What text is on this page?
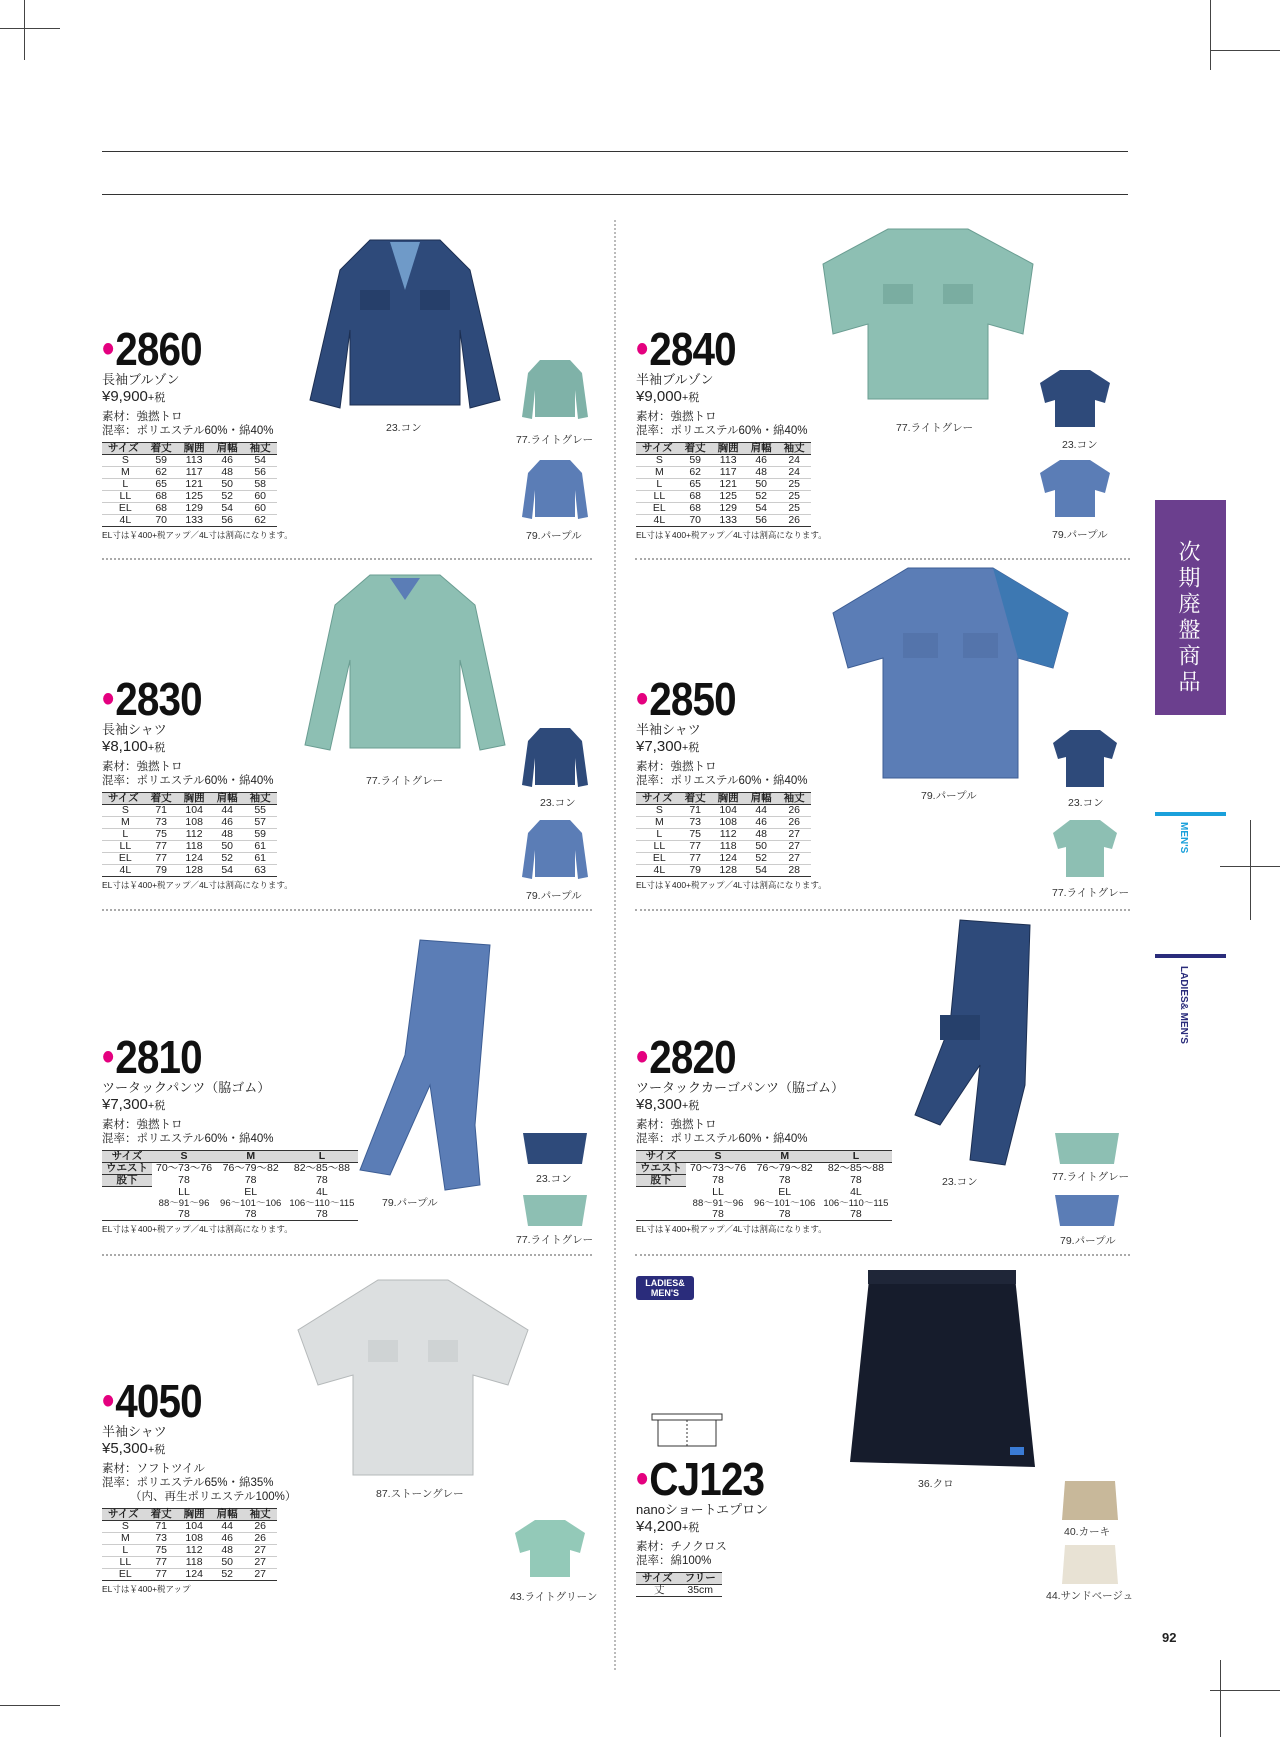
次期廃盤商品
MEN'S
LADIES& MEN'S
92
23.コン
77.ライトグレー
79.パープル
•2860
長袖ブルゾン
¥9,900+税
素材：強撚トロ
混率：ポリエステル60%・綿40%
サイズ	着丈	胸囲	肩幅	袖丈
S	59	113	46	54
M	62	117	48	56
L	65	121	50	58
LL	68	125	52	60
EL	68	129	54	60
4L	70	133	56	62
EL寸は￥400+税アップ／4L寸は割高になります。
77.ライトグレー
23.コン
79.パープル
•2840
半袖ブルゾン
¥9,000+税
素材：強撚トロ
混率：ポリエステル60%・綿40%
サイズ	着丈	胸囲	肩幅	袖丈
S	59	113	46	24
M	62	117	48	24
L	65	121	50	25
LL	68	125	52	25
EL	68	129	54	25
4L	70	133	56	26
EL寸は￥400+税アップ／4L寸は割高になります。
77.ライトグレー
23.コン
79.パープル
•2830
長袖シャツ
¥8,100+税
素材：強撚トロ
混率：ポリエステル60%・綿40%
サイズ	着丈	胸囲	肩幅	袖丈
S	71	104	44	55
M	73	108	46	57
L	75	112	48	59
LL	77	118	50	61
EL	77	124	52	61
4L	79	128	54	63
EL寸は￥400+税アップ／4L寸は割高になります。
79.パープル
23.コン
77.ライトグレー
•2850
半袖シャツ
¥7,300+税
素材：強撚トロ
混率：ポリエステル60%・綿40%
サイズ	着丈	胸囲	肩幅	袖丈
S	71	104	44	26
M	73	108	46	26
L	75	112	48	27
LL	77	118	50	27
EL	77	124	52	27
4L	79	128	54	28
EL寸は￥400+税アップ／4L寸は割高になります。
79.パープル
23.コン
77.ライトグレー
•2810
ツータックパンツ（脇ゴム）
¥7,300+税
素材：強撚トロ
混率：ポリエステル60%・綿40%
サイズ	S	M	L
ウエスト	70〜73〜76	76〜79〜82	82〜85〜88
股下	78	78	78
	LL	EL	4L
	88〜91〜96	96〜101〜106	106〜110〜115
	78	78	78
EL寸は￥400+税アップ／4L寸は割高になります。
23.コン	77.ライトグレー
79.パープル
•2820
ツータックカーゴパンツ（脇ゴム）
¥8,300+税
素材：強撚トロ
混率：ポリエステル60%・綿40%
サイズ	S	M	L
ウエスト	70〜73〜76	76〜79〜82	82〜85〜88
股下	78	78	78
	LL	EL	4L
	88〜91〜96	96〜101〜106	106〜110〜115
	78	78	78
EL寸は￥400+税アップ／4L寸は割高になります。
87.ストーングレー
43.ライトグリーン
•4050
半袖シャツ
¥5,300+税
素材：ソフトツイル
混率：ポリエステル65%・綿35%
（内、再生ポリエステル100%）
サイズ	着丈	胸囲	肩幅	袖丈
S	71	104	44	26
M	73	108	46	26
L	75	112	48	27
LL	77	118	50	27
EL	77	124	52	27
EL寸は￥400+税アップ
LADIES& MEN'S
36.クロ
40.カーキ
44.サンドベージュ
•CJ123
nanoショートエプロン
¥4,200+税
素材：チノクロス
混率：綿100%
サイズ	フリー
丈	35cm
